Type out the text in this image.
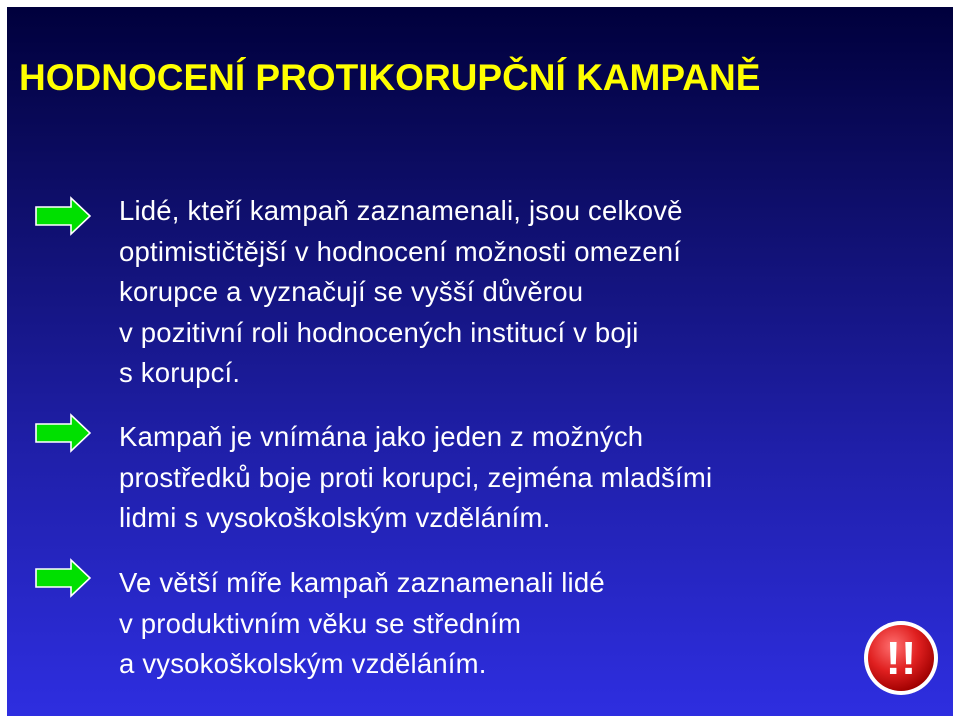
HODNOCENÍ PROTIKORUPČNÍ KAMPANĚ

Lidé, kteří kampaň zaznamenali, jsou celkově
optimističtější v hodnocení možnosti omezení
korupce a vyznačují se vyšší důvěrou
v pozitivní roli hodnocených institucí v boji
s korupcí.

Kampaň je vnímána jako jeden z možných
prostředků boje proti korupci, zejména mladšími
lidmi s vysokoškolským vzděláním.

Ve větší míře kampaň zaznamenali lidé
v produktivním věku se středním
a vysokoškolským vzděláním.	!!
